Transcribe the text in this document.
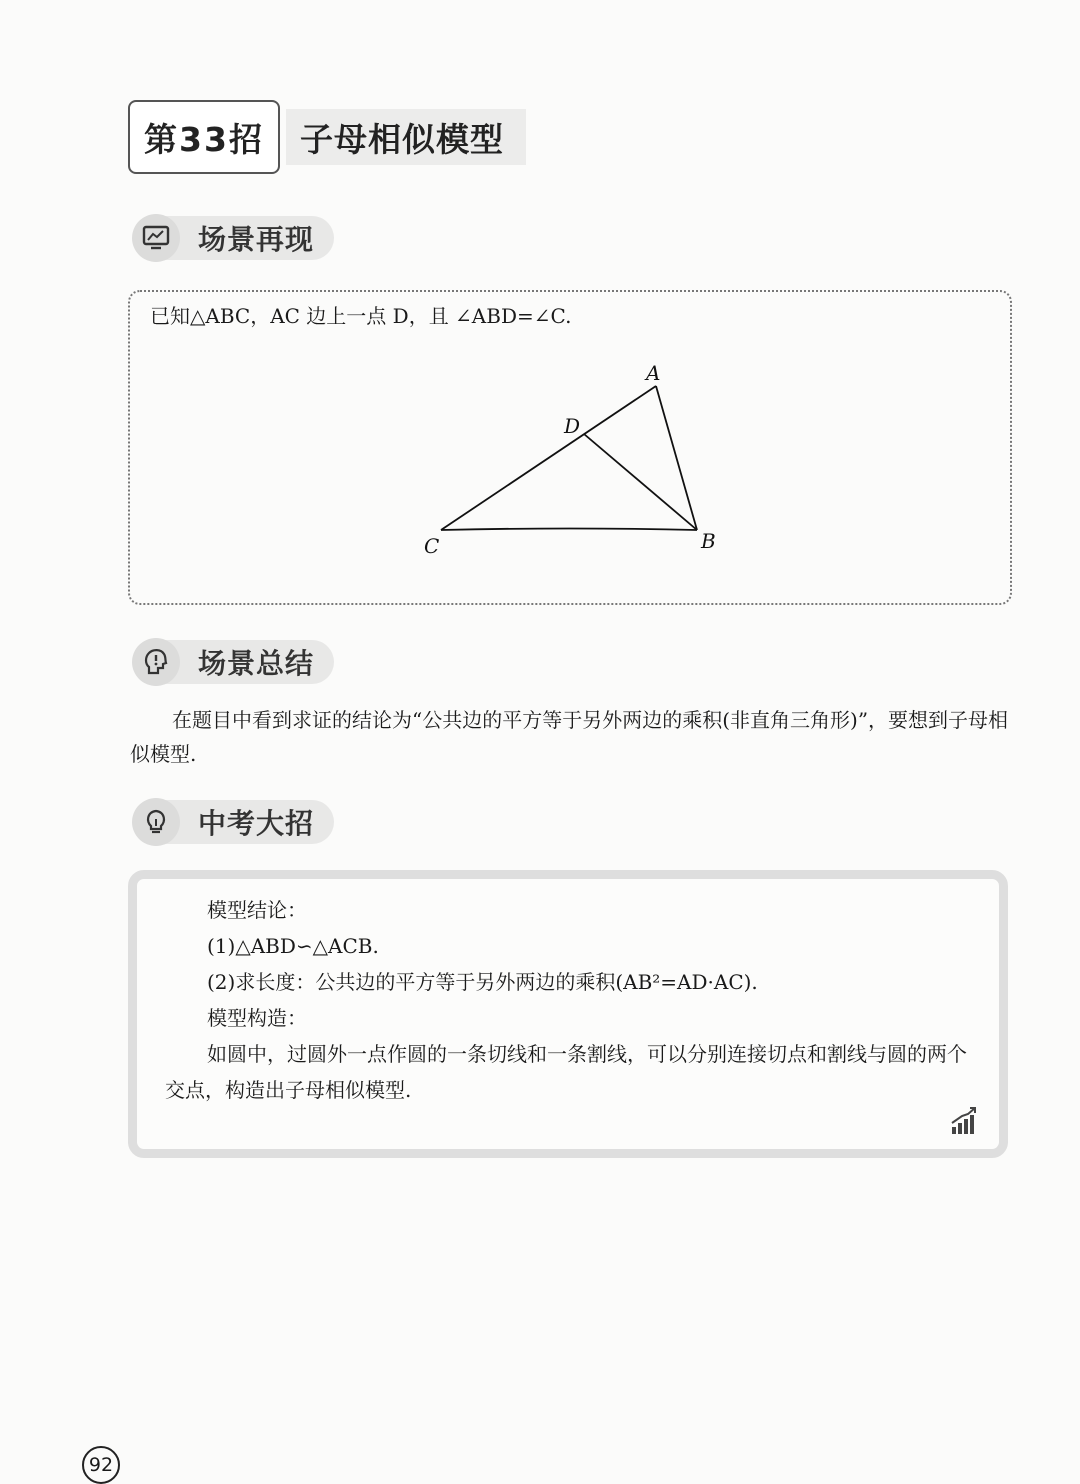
第33招	子母相似模型
场景再现
已知△ABC，AC 边上一点 D，且 ∠ABD=∠C.
A
B
C
D
场景总结
在题目中看到求证的结论为“公共边的平方等于另外两边的乘积(非直角三角形)”，要想到子母相似模型.
中考大招
模型结论：
(1)△ABD∽△ACB.
(2)求长度：公共边的平方等于另外两边的乘积(AB²=AD·AC).
模型构造：
如圆中，过圆外一点作圆的一条切线和一条割线，可以分别连接切点和割线与圆的两个交点，构造出子母相似模型.
92
